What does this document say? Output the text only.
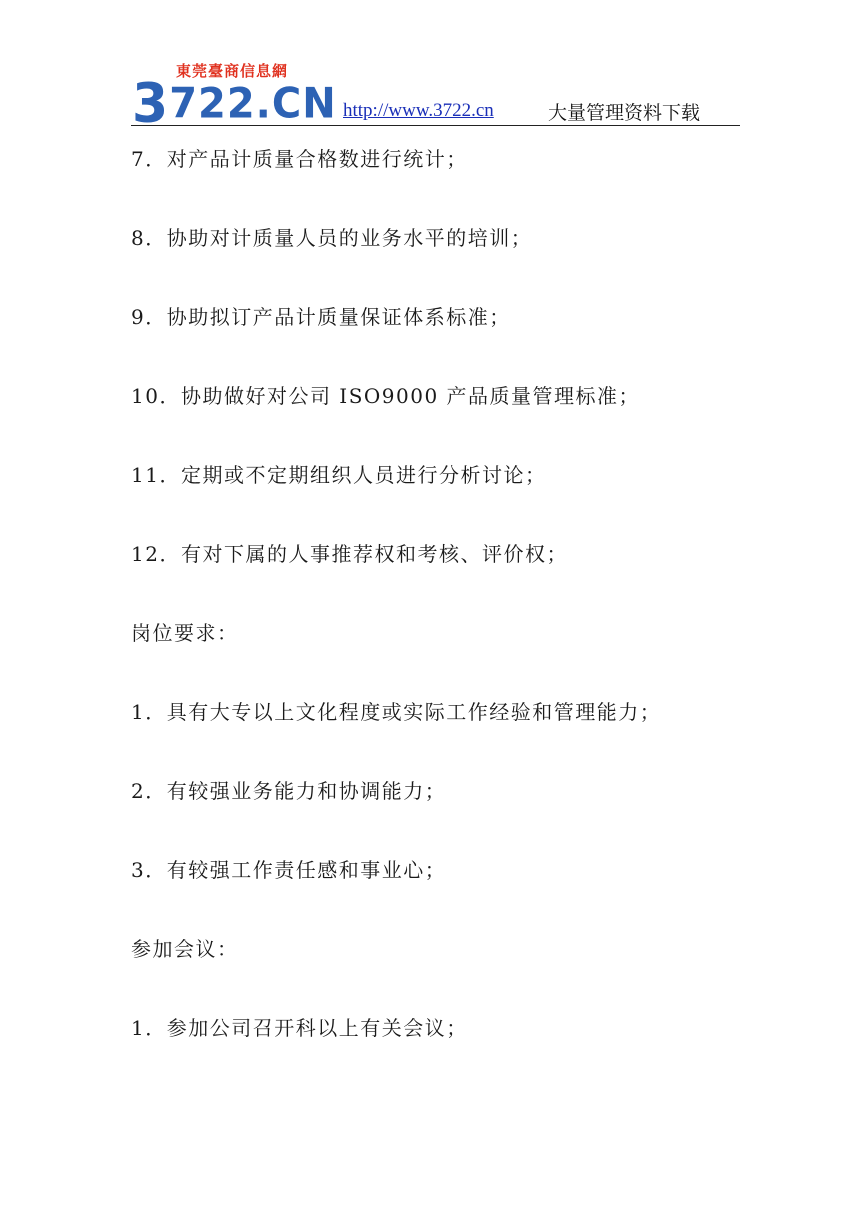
東莞臺商信息網
3722.CN http://www.3722.cn	大量管理资料下载
7．对产品计质量合格数进行统计；
8．协助对计质量人员的业务水平的培训；
9．协助拟订产品计质量保证体系标准；
10．协助做好对公司 ISO9000 产品质量管理标准；
11．定期或不定期组织人员进行分析讨论；
12．有对下属的人事推荐权和考核、评价权；
岗位要求：
1．具有大专以上文化程度或实际工作经验和管理能力；
2．有较强业务能力和协调能力；
3．有较强工作责任感和事业心；
参加会议：
1．参加公司召开科以上有关会议；
